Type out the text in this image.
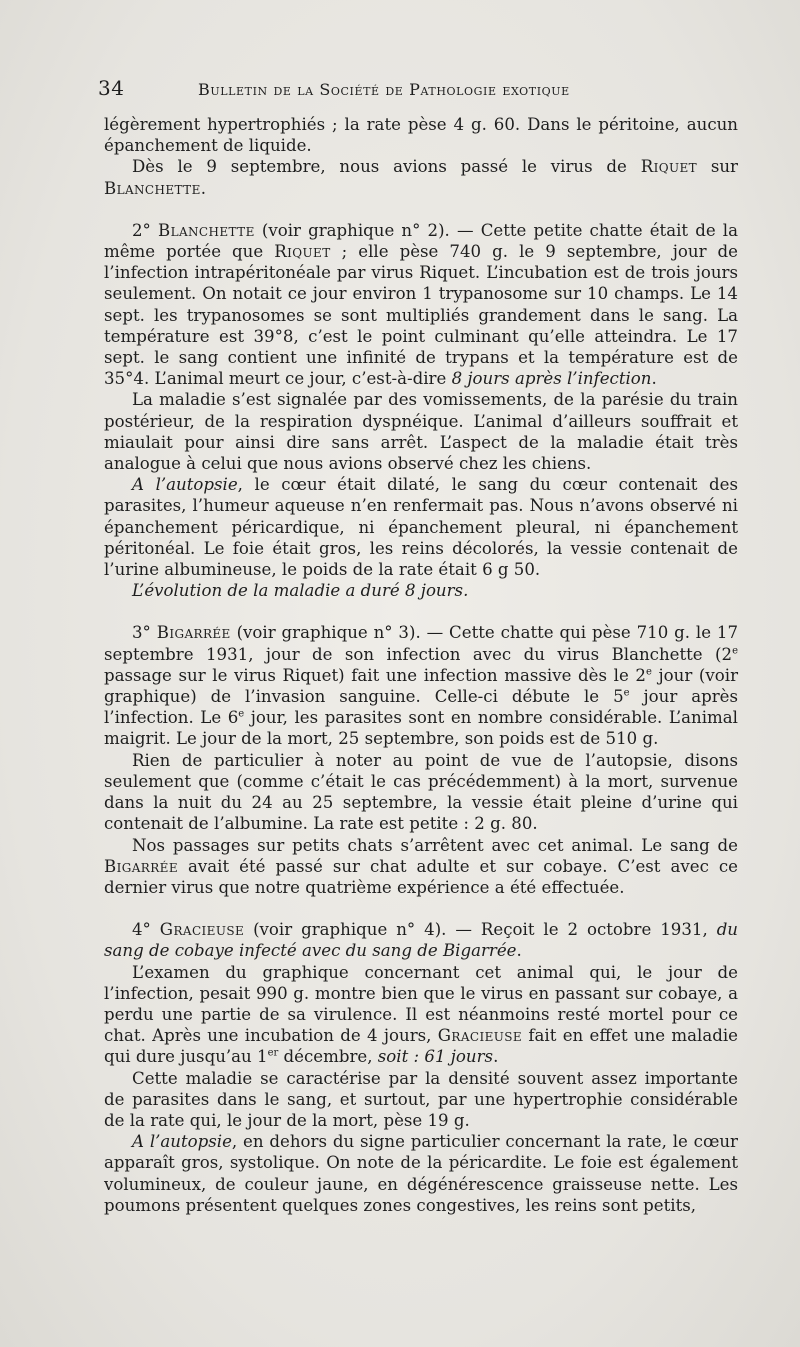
34	Bulletin de la Société de Pathologie exotique

légèrement hypertrophiés ; la rate pèse 4 g. 60. Dans le péritoine, aucun épanchement de liquide.

Dès le 9 septembre, nous avions passé le virus de Riquet sur Blanchette.

2° Blanchette (voir graphique n° 2). — Cette petite chatte était de la même portée que Riquet ; elle pèse 740 g. le 9 septembre, jour de l’infection intrapéritonéale par virus Riquet. L’incubation est de trois jours seulement. On notait ce jour environ 1 trypanosome sur 10 champs. Le 14 sept. les trypanosomes se sont multipliés grandement dans le sang. La température est 39°8, c’est le point culminant qu’elle atteindra. Le 17 sept. le sang contient une infinité de trypans et la température est de 35°4. L’animal meurt ce jour, c’est-à-dire 8 jours après l’infection.

La maladie s’est signalée par des vomissements, de la parésie du train postérieur, de la respiration dyspnéique. L’animal d’ailleurs souffrait et miaulait pour ainsi dire sans arrêt. L’aspect de la maladie était très analogue à celui que nous avions observé chez les chiens.

A l’autopsie, le cœur était dilaté, le sang du cœur contenait des parasites, l’humeur aqueuse n’en renfermait pas. Nous n’avons observé ni épanchement péricardique, ni épanchement pleural, ni épanchement péritonéal. Le foie était gros, les reins décolorés, la vessie contenait de l’urine albumineuse, le poids de la rate était 6 g 50.

L’évolution de la maladie a duré 8 jours.

3° Bigarrée (voir graphique n° 3). — Cette chatte qui pèse 710 g. le 17 septembre 1931, jour de son infection avec du virus Blanchette (2e passage sur le virus Riquet) fait une infection massive dès le 2e jour (voir graphique) de l’invasion sanguine. Celle-ci débute le 5e jour après l’infection. Le 6e jour, les parasites sont en nombre considérable. L’animal maigrit. Le jour de la mort, 25 septembre, son poids est de 510 g.

Rien de particulier à noter au point de vue de l’autopsie, disons seulement que (comme c’était le cas précédemment) à la mort, survenue dans la nuit du 24 au 25 septembre, la vessie était pleine d’urine qui contenait de l’albumine. La rate est petite : 2 g. 80.

Nos passages sur petits chats s’arrêtent avec cet animal. Le sang de Bigarrée avait été passé sur chat adulte et sur cobaye. C’est avec ce dernier virus que notre quatrième expérience a été effectuée.

4° Gracieuse (voir graphique n° 4). — Reçoit le 2 octobre 1931, du sang de cobaye infecté avec du sang de Bigarrée.

L’examen du graphique concernant cet animal qui, le jour de l’infection, pesait 990 g. montre bien que le virus en passant sur cobaye, a perdu une partie de sa virulence. Il est néanmoins resté mortel pour ce chat. Après une incubation de 4 jours, Gracieuse fait en effet une maladie qui dure jusqu’au 1er décembre, soit : 61 jours.

Cette maladie se caractérise par la densité souvent assez importante de parasites dans le sang, et surtout, par une hypertrophie considérable de la rate qui, le jour de la mort, pèse 19 g.

A l’autopsie, en dehors du signe particulier concernant la rate, le cœur apparaît gros, systolique. On note de la péricardite. Le foie est également volumineux, de couleur jaune, en dégénérescence graisseuse nette. Les poumons présentent quelques zones congestives, les reins sont petits,
